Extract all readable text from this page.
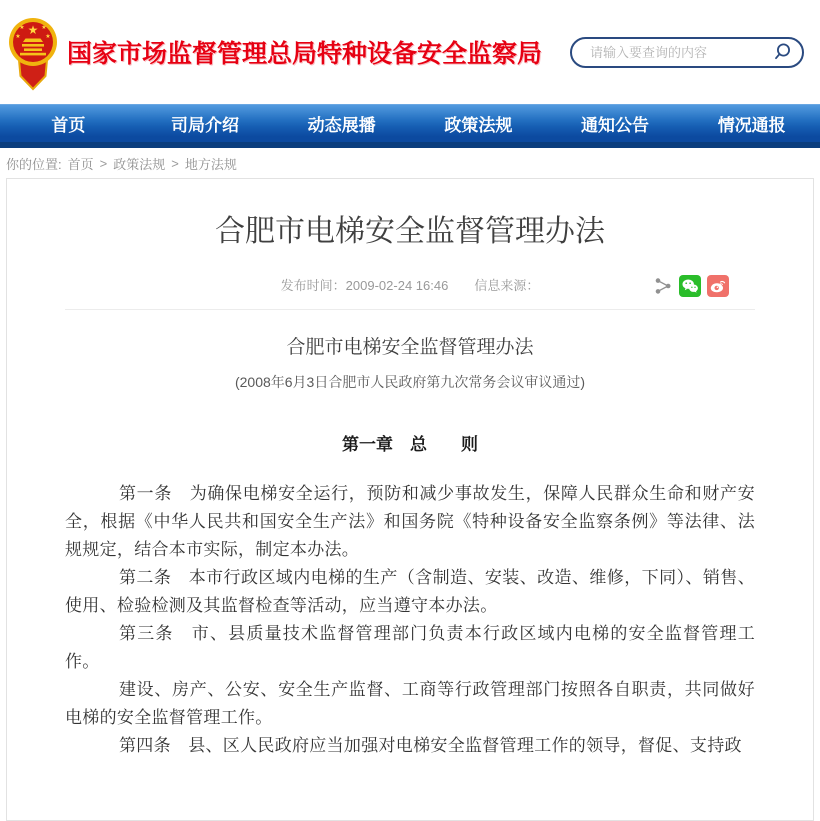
★
★	★
★	★
国家市场监督管理总局特种设备安全监察局
请输入要查询的内容
首页	司局介绍	动态展播	政策法规	通知公告	情况通报
你的位置: 首页 > 政策法规 > 地方法规
合肥市电梯安全监督管理办法
发布时间：2009-02-24 16:46 信息来源：
合肥市电梯安全监督管理办法
(2008年6月3日合肥市人民政府第九次常务会议审议通过)
第一章　总　　则

第一条　为确保电梯安全运行，预防和减少事故发生，保障人民群众生命和财产安全，根据《中华人民共和国安全生产法》和国务院《特种设备安全监察条例》等法律、法规规定，结合本市实际，制定本办法。

第二条　本市行政区域内电梯的生产（含制造、安装、改造、维修，下同）、销售、使用、检验检测及其监督检查等活动，应当遵守本办法。

第三条　市、县质量技术监督管理部门负责本行政区域内电梯的安全监督管理工作。

建设、房产、公安、安全生产监督、工商等行政管理部门按照各自职责，共同做好电梯的安全监督管理工作。

第四条　县、区人民政府应当加强对电梯安全监督管理工作的领导，督促、支持政
